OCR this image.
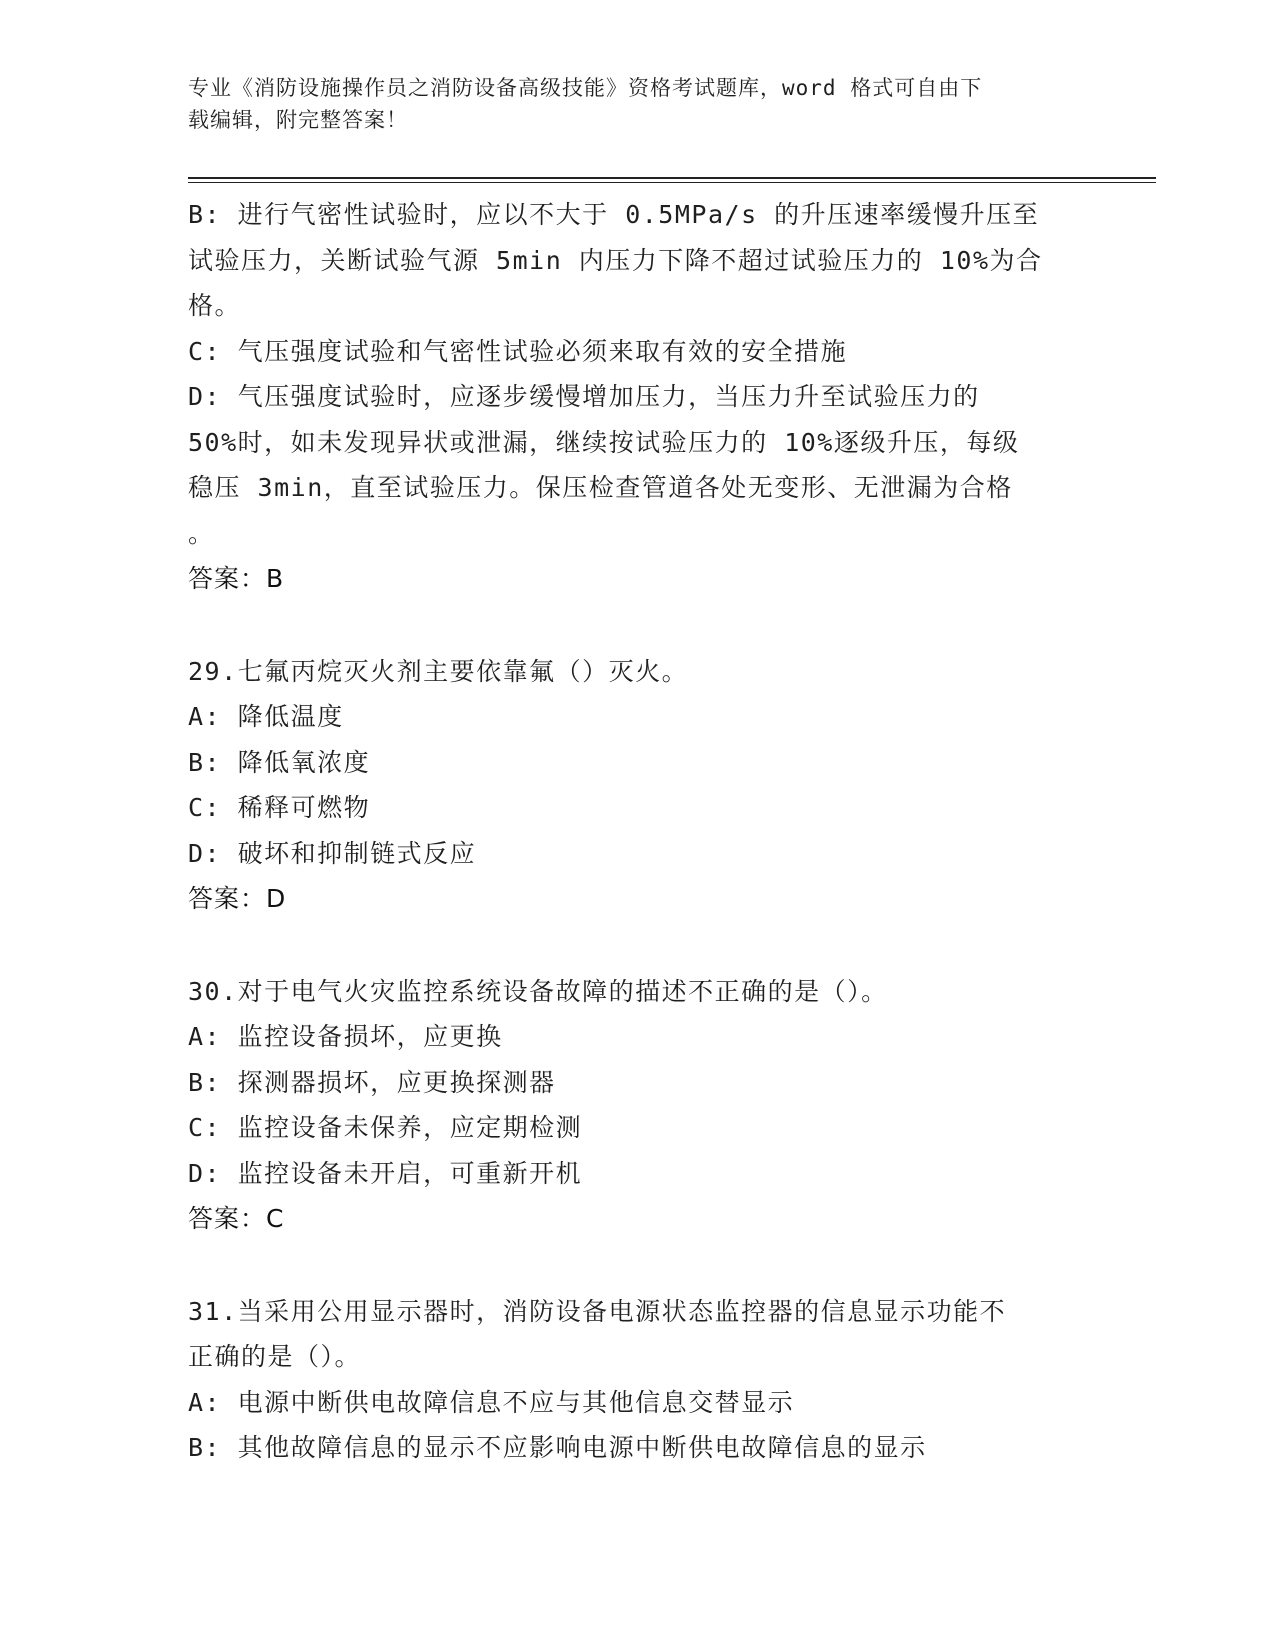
专业《消防设施操作员之消防设备高级技能》资格考试题库，word 格式可自由下
载编辑，附完整答案！
B: 进行气密性试验时，应以不大于 0.5MPa/s 的升压速率缓慢升压至
试验压力，关断试验气源 5min 内压力下降不超过试验压力的 10%为合
格。
C: 气压强度试验和气密性试验必须来取有效的安全措施
D: 气压强度试验时，应逐步缓慢增加压力，当压力升至试验压力的
50%时，如未发现异状或泄漏，继续按试验压力的 10%逐级升压，每级
稳压 3min，直至试验压力。保压检查管道各处无变形、无泄漏为合格
。
答案：B
29.七氟丙烷灭火剂主要依靠氟（）灭火。
A: 降低温度
B: 降低氧浓度
C: 稀释可燃物
D: 破坏和抑制链式反应
答案：D
30.对于电气火灾监控系统设备故障的描述不正确的是（）。
A: 监控设备损坏，应更换
B: 探测器损坏，应更换探测器
C: 监控设备未保养，应定期检测
D: 监控设备未开启，可重新开机
答案：C
31.当采用公用显示器时，消防设备电源状态监控器的信息显示功能不
正确的是（）。
A: 电源中断供电故障信息不应与其他信息交替显示
B: 其他故障信息的显示不应影响电源中断供电故障信息的显示
